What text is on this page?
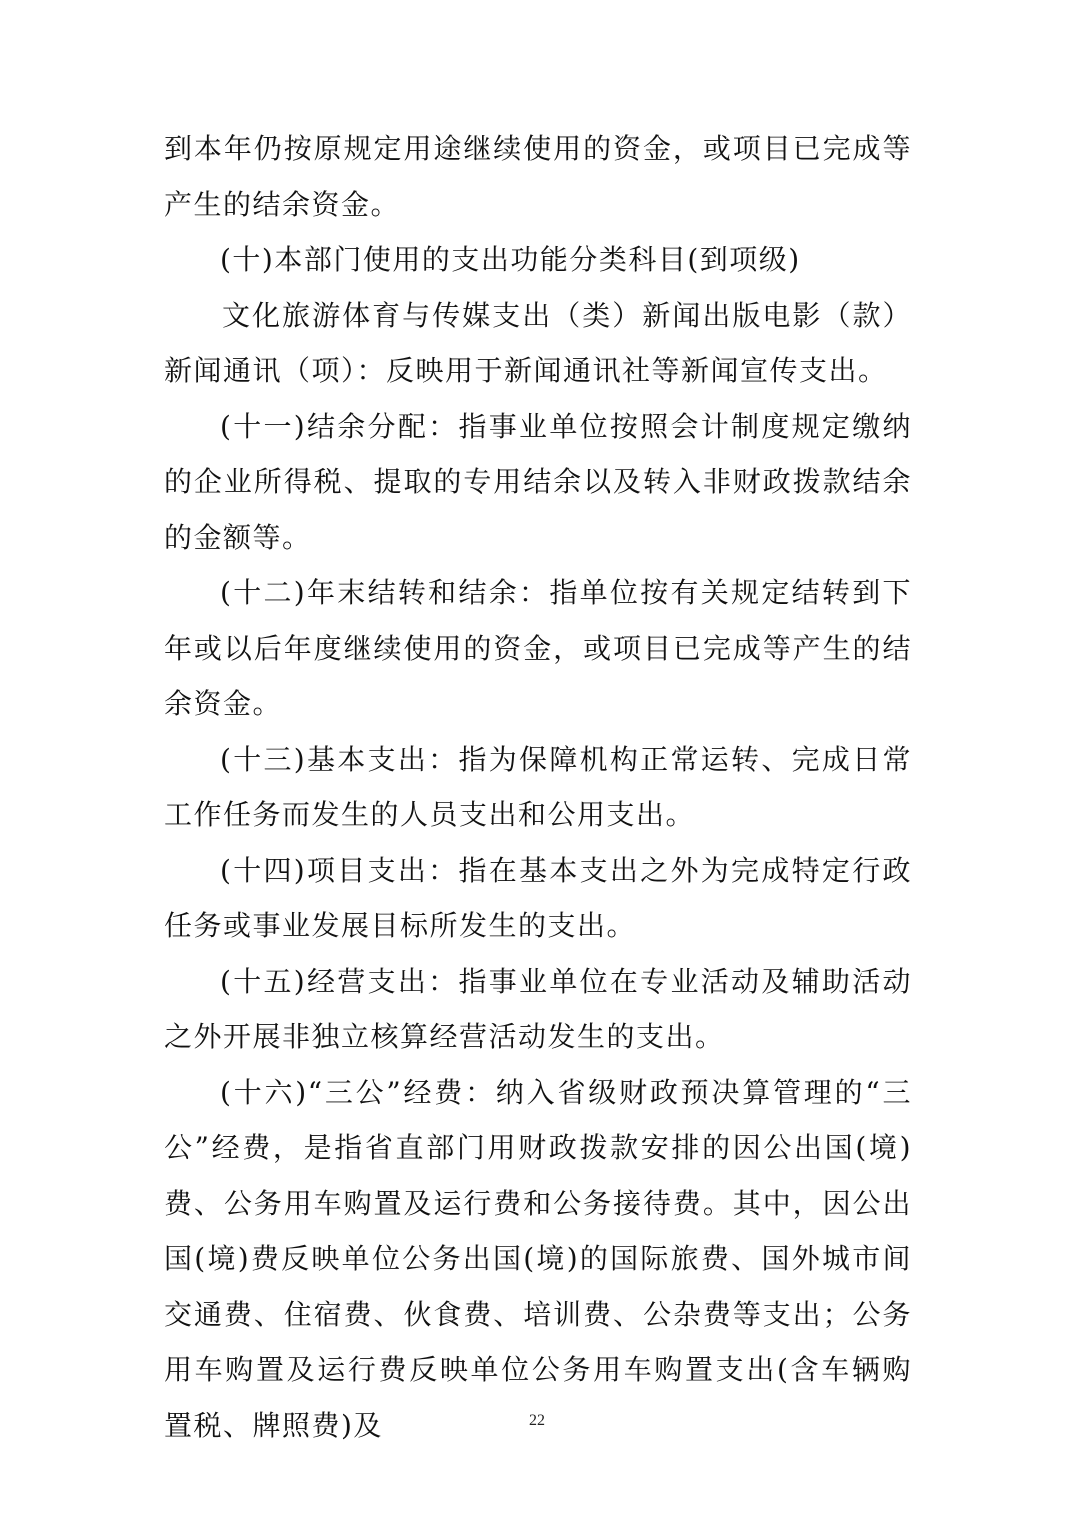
到本年仍按原规定用途继续使用的资金，或项目已完成等产生的结余资金。

(十)本部门使用的支出功能分类科目(到项级)

文化旅游体育与传媒支出（类）新闻出版电影（款）新闻通讯（项）：反映用于新闻通讯社等新闻宣传支出。

(十一)结余分配：指事业单位按照会计制度规定缴纳的企业所得税、提取的专用结余以及转入非财政拨款结余的金额等。

(十二)年末结转和结余：指单位按有关规定结转到下年或以后年度继续使用的资金，或项目已完成等产生的结余资金。

(十三)基本支出：指为保障机构正常运转、完成日常工作任务而发生的人员支出和公用支出。

(十四)项目支出：指在基本支出之外为完成特定行政任务或事业发展目标所发生的支出。

(十五)经营支出：指事业单位在专业活动及辅助活动之外开展非独立核算经营活动发生的支出。

(十六)“三公”经费：纳入省级财政预决算管理的“三公”经费，是指省直部门用财政拨款安排的因公出国(境)费、公务用车购置及运行费和公务接待费。其中，因公出国(境)费反映单位公务出国(境)的国际旅费、国外城市间交通费、住宿费、伙食费、培训费、公杂费等支出；公务用车购置及运行费反映单位公务用车购置支出(含车辆购置税、牌照费)及	22
